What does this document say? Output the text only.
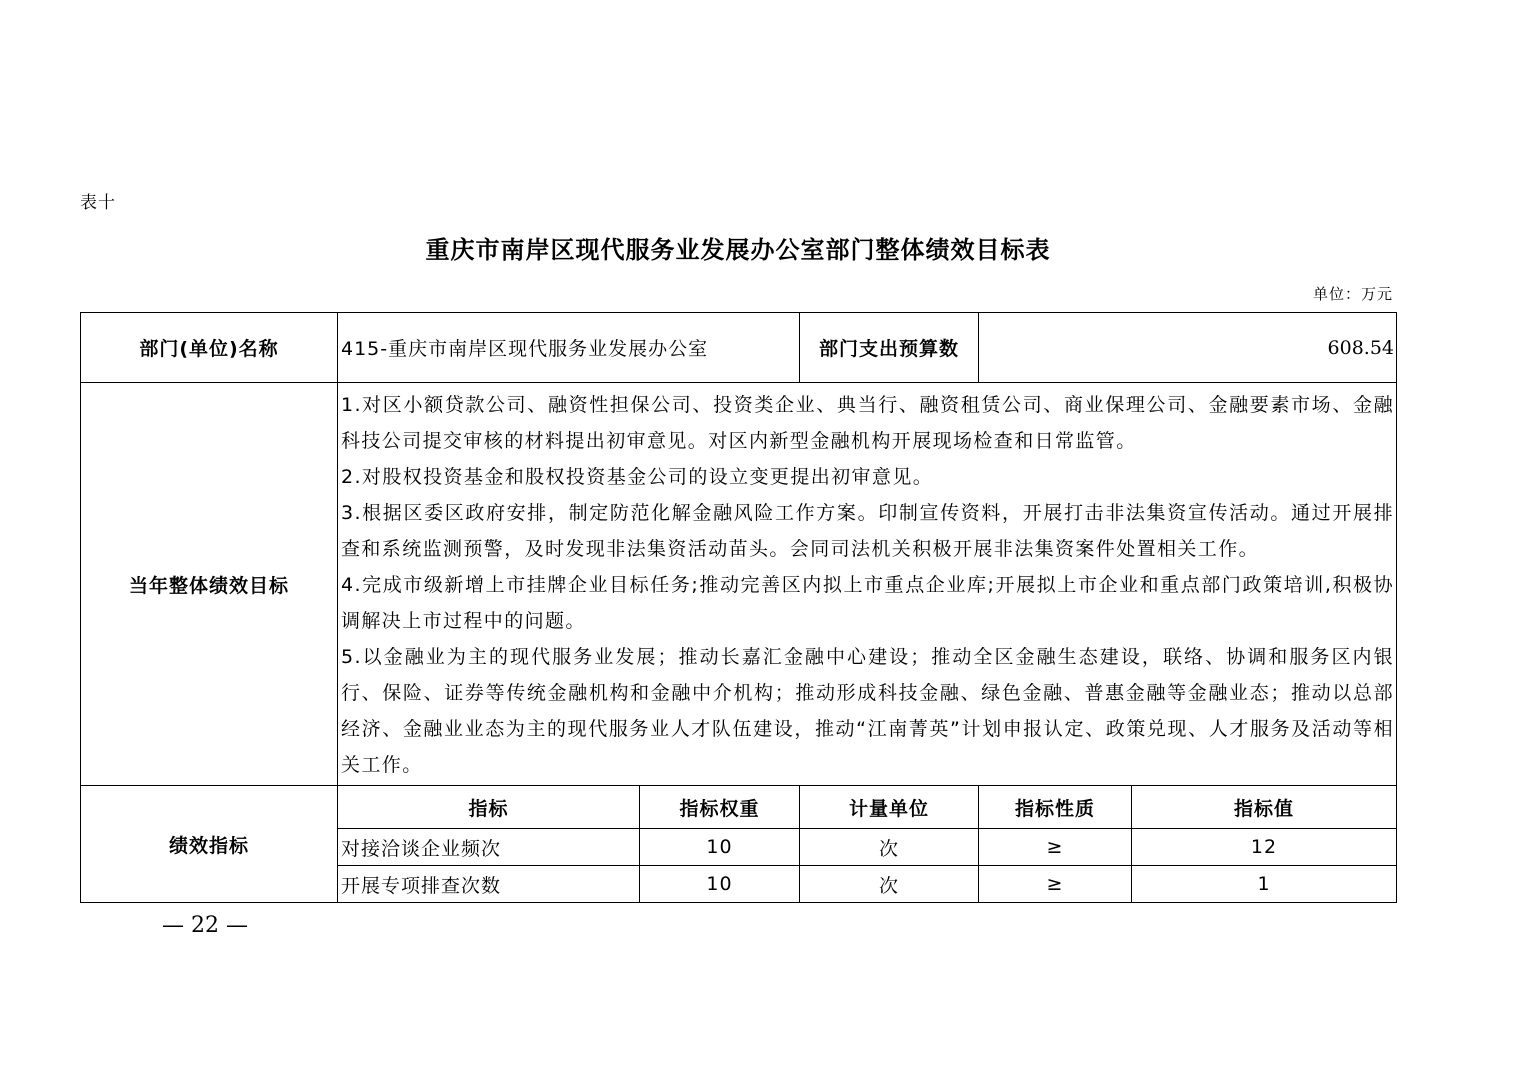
表十
重庆市南岸区现代服务业发展办公室部门整体绩效目标表
单位：万元
部门(单位)名称	415-重庆市南岸区现代服务业发展办公室		部门支出预算数	608.54	
当年整体绩效目标	1.对区小额贷款公司、融资性担保公司、投资类企业、典当行、融资租赁公司、商业保理公司、金融要素市场、金融科技公司提交审核的材料提出初审意见。对区内新型金融机构开展现场检查和日常监管。
2.对股权投资基金和股权投资基金公司的设立变更提出初审意见。
3.根据区委区政府安排，制定防范化解金融风险工作方案。印制宣传资料，开展打击非法集资宣传活动。通过开展排查和系统监测预警，及时发现非法集资活动苗头。会同司法机关积极开展非法集资案件处置相关工作。
4.完成市级新增上市挂牌企业目标任务;推动完善区内拟上市重点企业库;开展拟上市企业和重点部门政策培训,积极协调解决上市过程中的问题。
5.以金融业为主的现代服务业发展；推动长嘉汇金融中心建设；推动全区金融生态建设，联络、协调和服务区内银行、保险、证券等传统金融机构和金融中介机构；推动形成科技金融、绿色金融、普惠金融等金融业态；推动以总部经济、金融业业态为主的现代服务业人才队伍建设，推动“江南菁英”计划申报认定、政策兑现、人才服务及活动等相关工作。				

绩效指标	指标	指标权重	计量单位	指标性质	指标值
	对接洽谈企业频次	10	次	≥	12
	开展专项排查次数	10	次	≥	1
— 22 —
